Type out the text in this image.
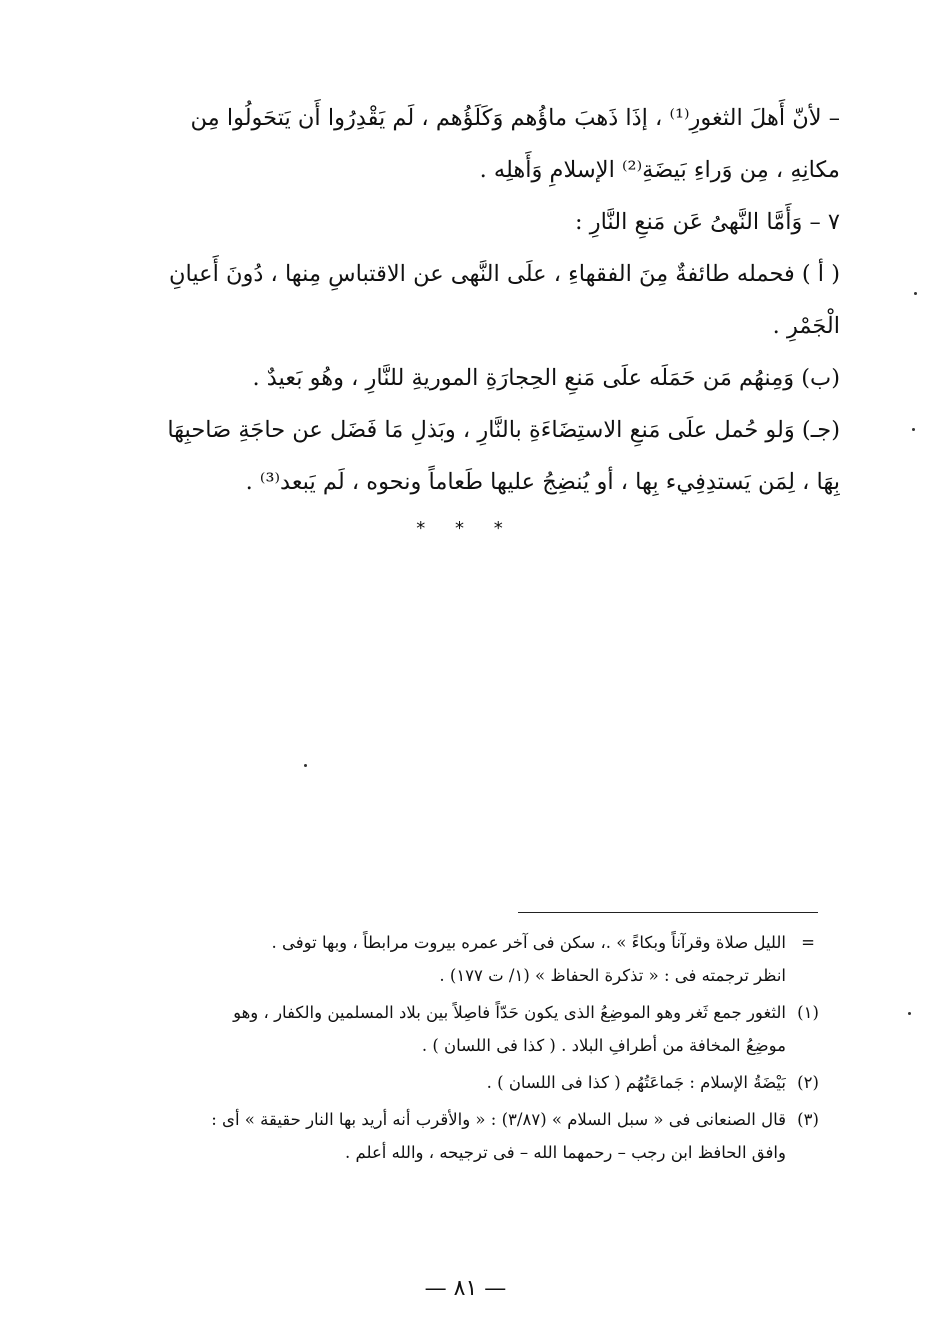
– لأنّ أَهلَ الثغورِ⁽¹⁾ ، إذَا ذَهبَ ماؤُهم وَكَلَؤُهم ، لَم يَقْدِرُوا أَن يَتحَولُوا مِن
مكانِهِ ، مِن وَراءِ بَيضَةِ⁽²⁾ الإسلامِ وَأَهلِه .
٧ – وَأَمَّا النَّهىُ عَن مَنعِ النَّارِ :
( أ ) فحمله طائفةٌ مِنَ الفقهاءِ ، علَى النَّهى عن الاقتباسِ مِنها ، دُونَ أَعيانِ
الْجَمْرِ .
(ب) وَمِنهُم مَن حَمَلَه علَى مَنعِ الحِجارَةِ الموريةِ للنَّارِ ، وهُو بَعيدٌ .
(جـ) وَلو حُمل علَى مَنعِ الاستِضَاءَةِ بالنَّارِ ، وبَذلِ مَا فَضَل عن حاجَةِ صَاحبِهَا
بِهَا ، لِمَن يَستدِفِيء بِها ، أو يُنضِجُ عليها طَعاماً ونحوه ، لَم يَبعد⁽³⁾ .
* * *
=
الليل صلاة وقرآناً وبكاءً » .، سكن فى آخر عمره بيروت مرابطاً ، وبها توفى .
انظر ترجمته فى : « تذكرة الحفاظ » (١/ ت ١٧٧) .
(١)
الثغور جمع ثَغر وهو الموضِعُ الذى يكون حَدّاً فاصِلاً بين بلاد المسلمين والكفار ، وهو
موضِعُ المخافة من أطرافِ البلاد . ( كذا فى اللسان ) .
(٢)
بَيْضَةُ الإسلام : جَماعَتُهُم ( كذا فى اللسان ) .
(٣)
قال الصنعانى فى « سبل السلام » (٣/٨٧) : « والأقرب أنه أريد بها النار حقيقة » أى :
وافق الحافظ ابن رجب – رحمهما الله – فى ترجيحه ، والله أعلم .
— ٨١ —
